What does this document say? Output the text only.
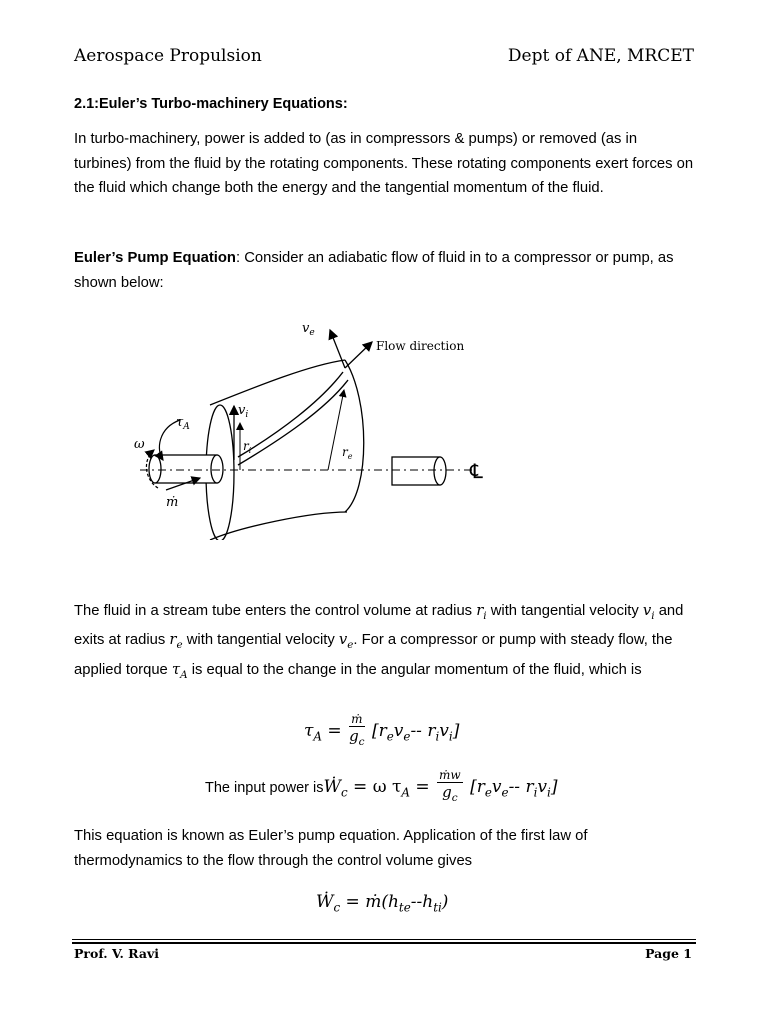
Aerospace Propulsion	Dept of ANE, MRCET
2.1:Euler’s Turbo-machinery Equations:
In turbo-machinery, power is added to (as in compressors & pumps) or removed (as in turbines) from the fluid by the rotating components. These rotating components exert forces on the fluid which change both the energy and the tangential momentum of the fluid.
Euler’s Pump Equation: Consider an adiabatic flow of fluid in to a compressor or pump, as shown below:
$v_e$
Flow direction
$v_i$
$\tau_A$
ω	$r_i$	$r_e$
ṁ
℄
The fluid in a stream tube enters the control volume at radius $r_i$ with tangential velocity $v_i$ and exits at radius $r_e$ with tangential velocity $v_e$. For a compressor or pump with steady flow, the applied torque $\tau_A$ is equal to the change in the angular momentum of the fluid, which is
$\tau_A = \frac{\text{ṁ}}{g_c} [r_ev_e--$ $r_iv_i$]
The input power isẆ$_c$ = ω $\tau_A = \frac{\text{ṁw}}{g_c} [r_ev_e--$ $r_iv_i$]
This equation is known as Euler’s pump equation. Application of the first law of thermodynamics to the flow through the control volume gives
Ẇ$_c$ = $ṁ(h_{te}--h_{ti})$
Prof. V. Ravi	Page 1
